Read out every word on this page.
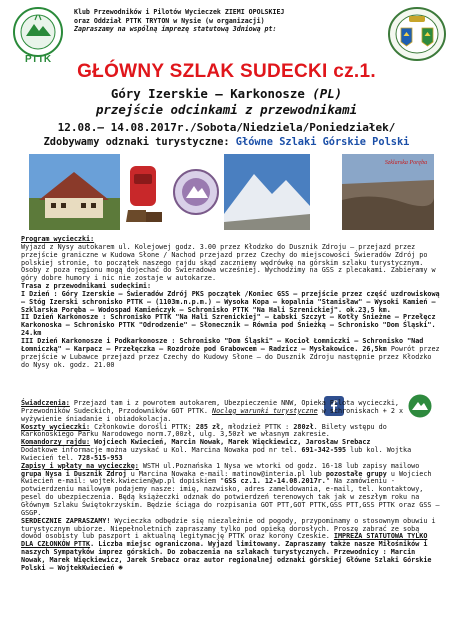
PTTK
Klub Przewodników i Pilotów Wycieczek ZIEMI OPOLSKIEJ
oraz Oddział PTTK TRYTON w Nysie (w organizacji)
Zapraszamy na wspólną imprezę statutową 3dniową pt:
GŁÓWNY SZLAK SUDECKI cz.1.
Góry Izerskie – Karkonosze (PL)
przejście odcinkami z przewodnikami
12.08.– 14.08.2017r./Sobota/Niedziela/Poniedziałek/
Zdobywamy odznaki turystyczne: Główne Szlaki Górskie Polski
Szklarska Poręba

Program wycieczki:

Wyjazd z Nysy autokarem ul. Kolejowej godz. 3.00 przez Kłodzko do Dusznik Zdroju – przejazd przez przejście graniczne w Kudowa Słone / Nachod przejazd przez Czechy do miejscowości Świeradów Zdrój po polskiej stronie, to początek naszego rajdu skąd zaczniemy wędrówkę na górskim szlaku turystycznym. Osoby z poza regionu mogą dojechać do Świeradowa wcześniej. Wychodzimy na GSS z plecakami. Zabieramy w góry dobre humory i nic nie zostaje w autokarze.

Trasa z przewodnikami sudeckimi:

I Dzień : Góry Izerskie – Świeradów Zdrój PKS początek /Koniec GSS – przejście przez część uzdrowiskową – Stóg Izerski schronisko PTTK – (1103m.n.p.m.) – Wysoka Kopa – kopalnia "Stanisław" – Wysoki Kamień – Szklarska Poręba – Wodospad Kamieńczyk – Schronisko PTTK "Na Hali Szrenickiej". ok.23,5 km.

II Dzień Karkonosze : Schronisko PTTK "Na Hali Szrenickiej" – Łabski Szczyt – Kotły Śnieżne – Przełęcz Karkonoska – Schronisko PTTK "Odrodzenie" – Słonecznik – Równia pod Śnieżką – Schronisko "Dom Śląski". 24.km

III Dzień Karkonosze i Podkarkonosze : Schronisko "Dom Śląski" – Kocioł Łomniczki – Schronisko "Nad Łomniczką" – Karpacz – Przełęczka – Rozdroże pod Grabowcem – Radzicz – Mysłakowice. 26,5km Powrót przez przejście w Lubawce przejazd przez Czechy do Kudowy Słone – do Dusznik Zdroju następnie przez Kłodzko do Nysy ok. godz. 21.00

Świadczenia: Przejazd tam i z powrotem autokarem, Ubezpieczenie NNW, Opieka Pilota wycieczki, Przewodników Sudeckich, Przodowników GOT PTTK. Noclęg warunki turystyczne w schroniskach + 2 x wyżywienie śniadanie i obiadokolacja.

Koszty wycieczki: Członkowie dorośli PTTK: 285 zł, młodzież PTTK : 280zł. Bilety wstępu do Karkonoskiego Parku Narodowego norm.7,00zł, ulg. 3,50zł we własnym zakresie.

Komandorzy rajdu: Wojciech Kwiecień, Marcin Nowak, Marek Więckiewicz, Jarosław Srebacz

Dodatkowe informacje można uzyskać u Kol. Marcina Nowaka pod nr tel. 691-342-595 lub kol. Wojtka Kwiecień tel. 728-515-953

Zapisy i wpłaty na wycieczkę: WSTH ul.Poznańska 1 Nysa we wtorki od godz. 16-18 lub zapisy mailowo grupa Nysa i Dusznik Zdroj u Marcina Nowaka e-mail: matinow@interia.pl lub pozostałe grupy u Wojciech Kwiecień e-mail: wojtek.kwiecien@wp.pl dopiskiem "GSS cz.1. 12-14.08.2017r." Na zamówieniu - potwierdzeniu mailowym podajemy nasze: imię, nazwisko, adres zameldowania, e-mail, tel. kontaktowy, pesel do ubezpieczenia. Będą książeczki odznak do potwierdzeń terenowych tak jak w zeszłym roku na Głównym Szlaku Świętokrzyskim. Będzie ściąga do rozpisania GOT PTT,GOT PTTK,GSS PTT,GSS PTTK oraz GSS – GSGP.

SERDECZNIE ZAPRASZAMY! Wycieczka odbędzie się niezależnie od pogody, przypominamy o stosownym obuwiu i turystycznym ubiorze. Niepełnoletnich zapraszamy tylko pod opieką dorosłych. Proszę zabrać ze sobą dowód osobisty lub paszport i aktualną legitymację PTTK oraz korony Czeskie. IMPREZA STATUTOWA TYLKO DLA CZŁONKÓW PTTK. Liczba miejsc ograniczona. Wyjazd limitowany. Zapraszamy także nasze Miłośników i naszych Sympatyków imprez górskich. Do zobaczenia na szlakach turystycznych. Przewodnicy : Marcin Nowak, Marek Więckiewicz, Jarek Srebacz oraz autor regionalnej odznaki górskiej Główne Szlaki Górskie Polski – WojtekKwiecień ☻
